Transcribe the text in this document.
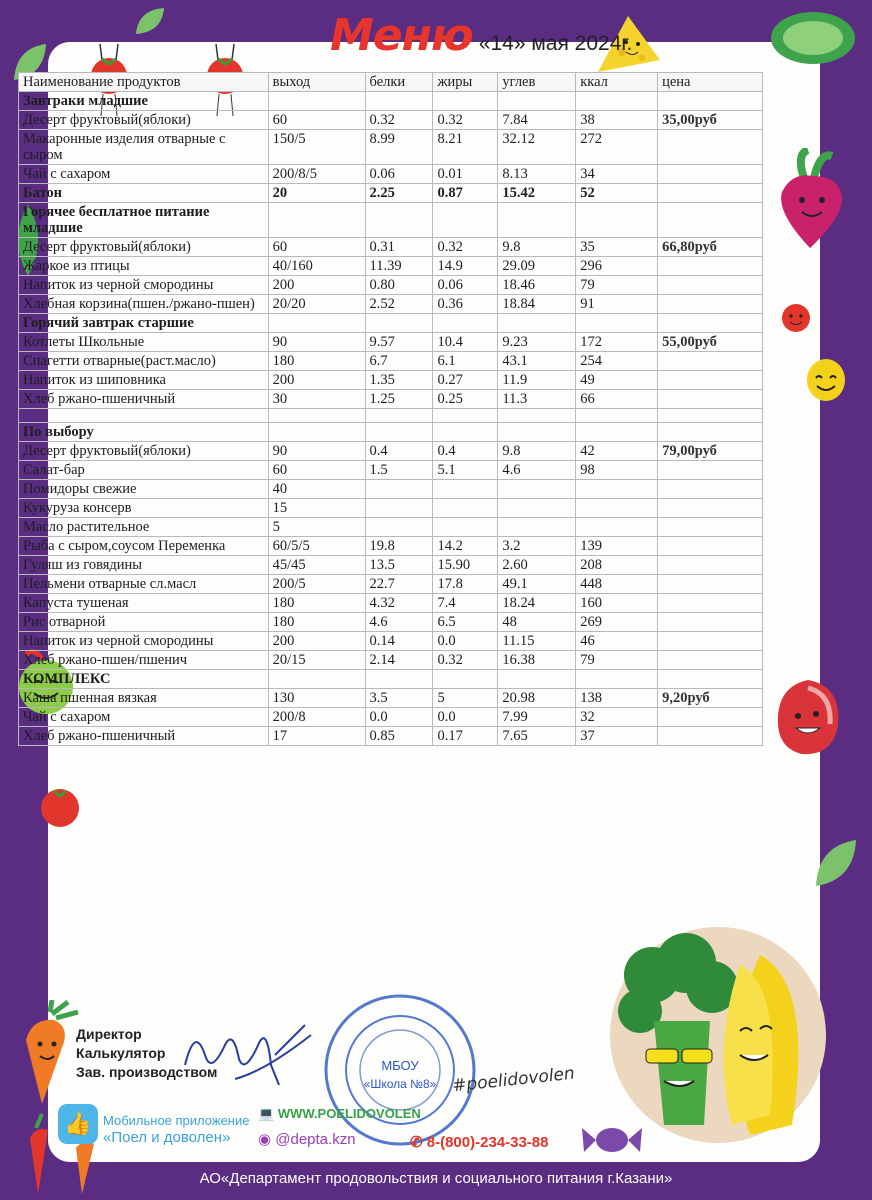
Меню «14» мая 2024г.
Наименование продуктов	выход	белки	жиры	углев	ккал	цена
Завтраки младшие						
Десерт фруктовый(яблоки)	60	0.32	0.32	7.84	38	35,00руб
Макаронные изделия отварные с сыром	150/5	8.99	8.21	32.12	272	
Чай с сахаром	200/8/5	0.06	0.01	8.13	34	
Батон	20	2.25	0.87	15.42	52	
Горячее бесплатное питание младшие						
Десерт фруктовый(яблоки)	60	0.31	0.32	9.8	35	66,80руб
Жаркое из птицы	40/160	11.39	14.9	29.09	296	
Напиток из черной смородины	200	0.80	0.06	18.46	79	
Хлебная корзина(пшен./ржано-пшен)	20/20	2.52	0.36	18.84	91	
Горячий завтрак старшие						
Котлеты Школьные	90	9.57	10.4	9.23	172	55,00руб
Спагетти отварные(раст.масло)	180	6.7	6.1	43.1	254	
Напиток из шиповника	200	1.35	0.27	11.9	49	
Хлеб ржано-пшеничный	30	1.25	0.25	11.3	66	

По выбору						
Десерт фруктовый(яблоки)	90	0.4	0.4	9.8	42	79,00руб
Салат-бар	60	1.5	5.1	4.6	98	
Помидоры свежие	40					
Кукуруза консерв	15					
Масло растительное	5					
Рыба с сыром,соусом Переменка	60/5/5	19.8	14.2	3.2	139	
Гуляш из говядины	45/45	13.5	15.90	2.60	208	
Пельмени отварные сл.масл	200/5	22.7	17.8	49.1	448	
Капуста тушеная	180	4.32	7.4	18.24	160	
Рис отварной	180	4.6	6.5	48	269	
Напиток из черной смородины	200	0.14	0.0	11.15	46	
Хлеб ржано-пшен/пшенич	20/15	2.14	0.32	16.38	79	
КОМПЛЕКС						
Каша пшенная вязкая	130	3.5	5	20.98	138	9,20руб
Чай с сахаром	200/8	0.0	0.0	7.99	32	
Хлеб ржано-пшеничный	17	0.85	0.17	7.65	37	
Директор
Калькулятор
Зав. производством	МБОУ
«Школа №8» #poelidovolen
👍 Мобильное приложение
«Поел и доволен»
💻 WWW.POELIDOVOLEN
◉ @depta.kzn	✆ 8-(800)-234-33-88
АО«Департамент продовольствия и социального питания г.Казани»
